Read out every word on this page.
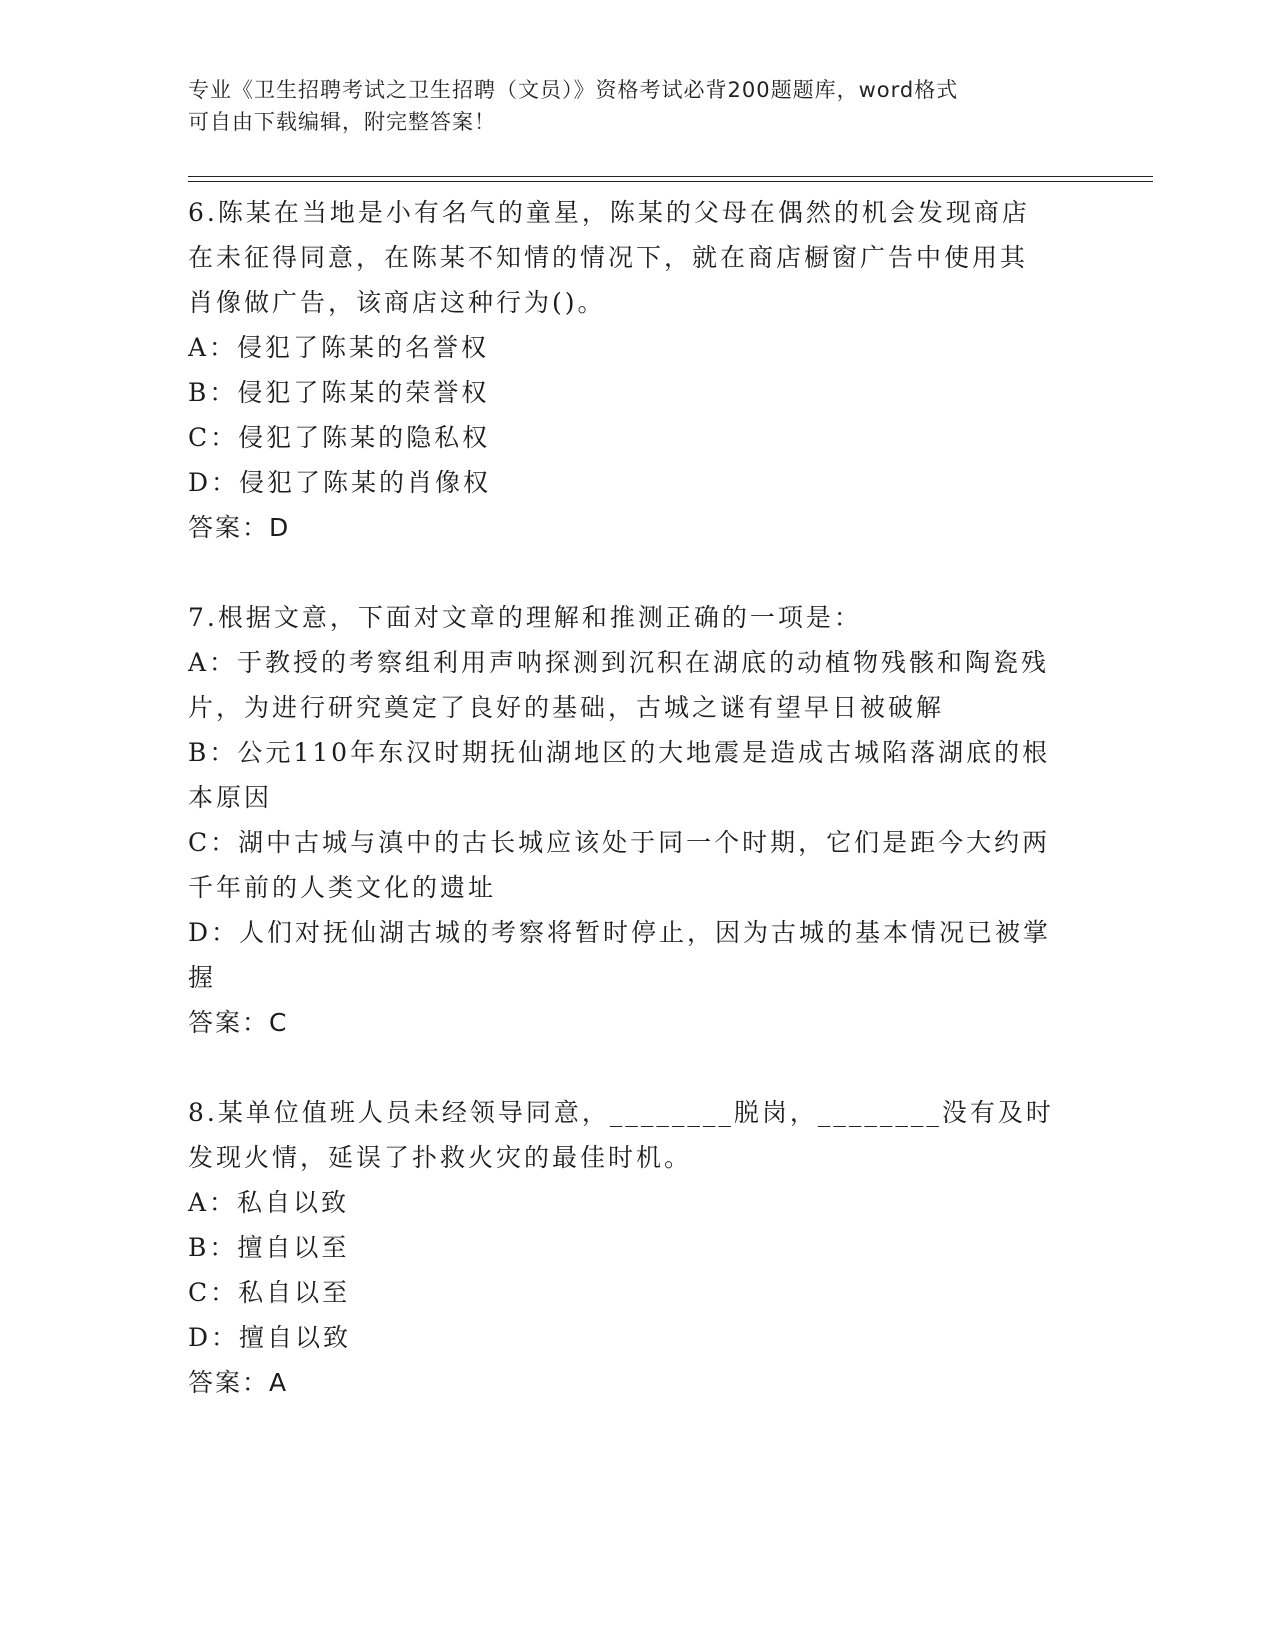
专业《卫生招聘考试之卫生招聘（文员）》资格考试必背200题题库，word格式
可自由下载编辑，附完整答案！
6.陈某在当地是小有名气的童星，陈某的父母在偶然的机会发现商店
在未征得同意，在陈某不知情的情况下，就在商店橱窗广告中使用其
肖像做广告，该商店这种行为()。
A：侵犯了陈某的名誉权
B：侵犯了陈某的荣誉权
C：侵犯了陈某的隐私权
D：侵犯了陈某的肖像权
答案：D
7.根据文意，下面对文章的理解和推测正确的一项是：
A：于教授的考察组利用声呐探测到沉积在湖底的动植物残骸和陶瓷残
片，为进行研究奠定了良好的基础，古城之谜有望早日被破解
B：公元110年东汉时期抚仙湖地区的大地震是造成古城陷落湖底的根
本原因
C：湖中古城与滇中的古长城应该处于同一个时期，它们是距今大约两
千年前的人类文化的遗址
D：人们对抚仙湖古城的考察将暂时停止，因为古城的基本情况已被掌
握
答案：C
8.某单位值班人员未经领导同意，________脱岗，________没有及时
发现火情，延误了扑救火灾的最佳时机。
A：私自以致
B：擅自以至
C：私自以至
D：擅自以致
答案：A
